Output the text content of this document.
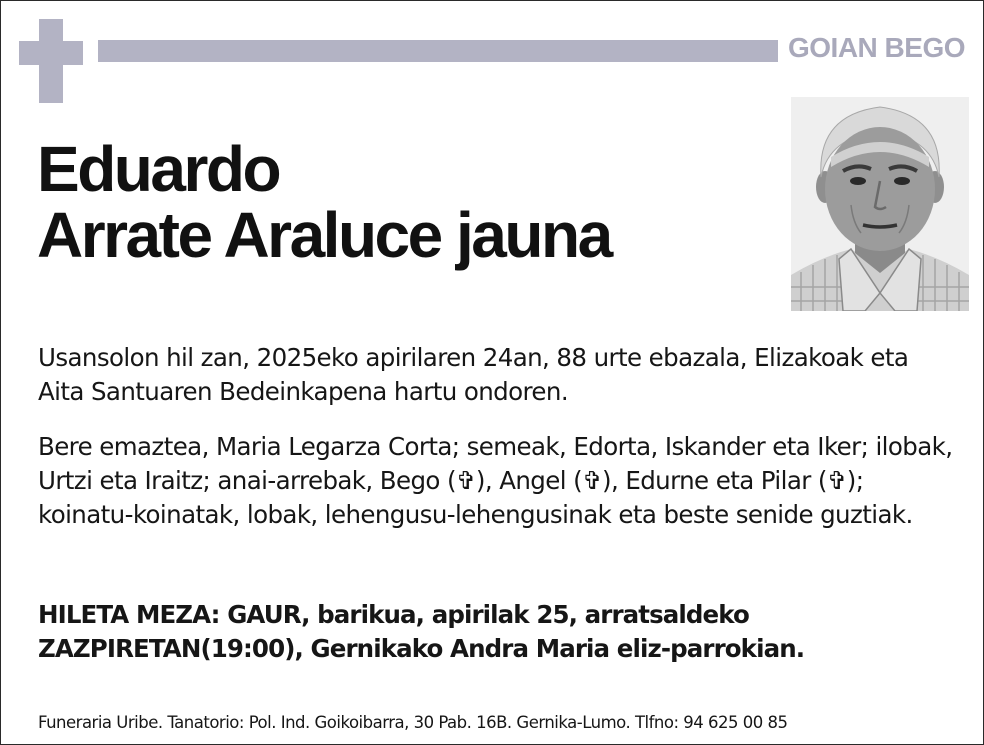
GOIAN BEGO
Eduardo
Arrate Araluce jauna

Usansolon hil zan, 2025eko apirilaren 24an, 88 urte ebazala, Elizakoak eta Aita Santuaren Bedeinkapena hartu ondoren.

Bere emaztea, Maria Legarza Corta; semeak, Edorta, Iskander eta Iker; ilobak, Urtzi eta Iraitz; anai-arrebak, Bego (✞), Angel (✞), Edurne eta Pilar (✞); koinatu-koinatak, lobak, lehengusu-lehengusinak eta beste senide guztiak.

HILETA MEZA: GAUR, barikua, apirilak 25, arratsaldeko ZAZPIRETAN(19:00), Gernikako Andra Maria eliz-parrokian.

Funeraria Uribe. Tanatorio: Pol. Ind. Goikoibarra, 30 Pab. 16B. Gernika-Lumo. Tlfno: 94 625 00 85
